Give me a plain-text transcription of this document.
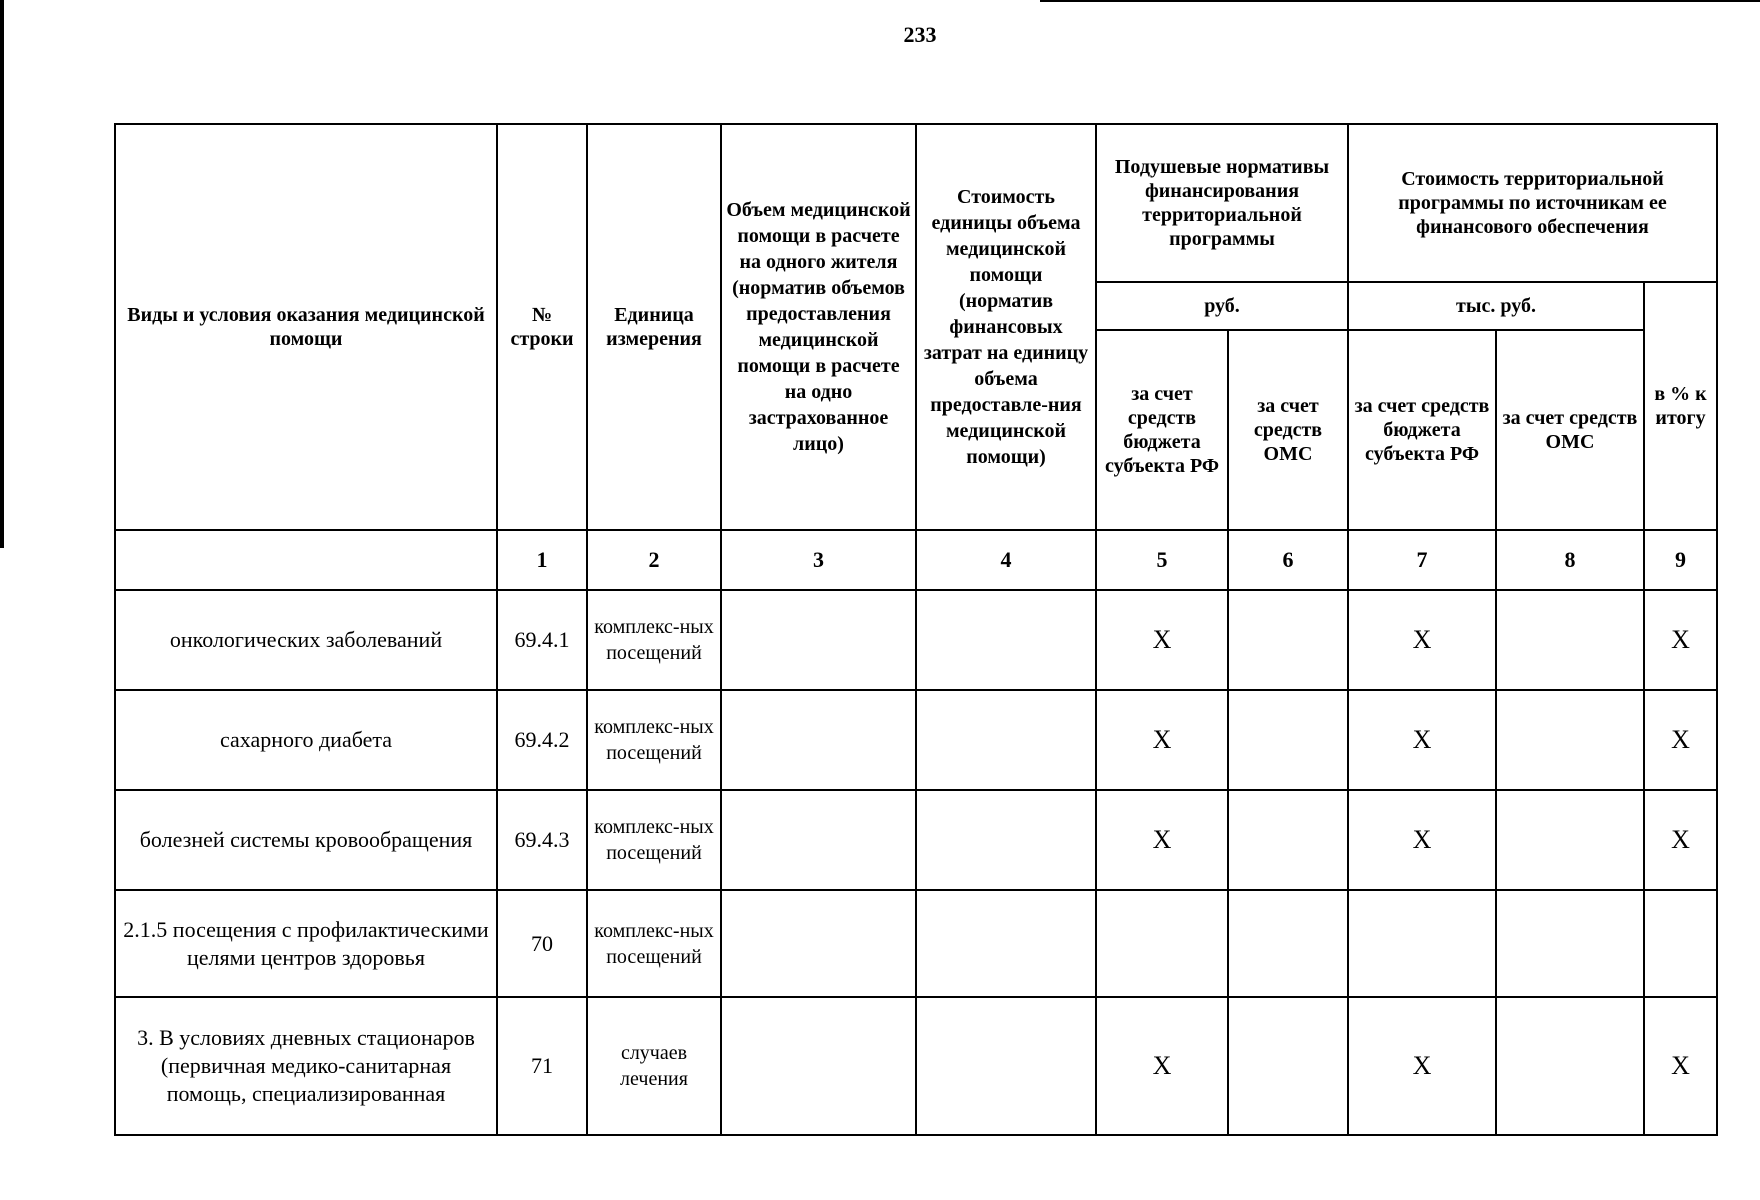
233
Виды и условия оказания медицинской помощи	№ строки	Единица измерения	Объем медицинской помощи в расчете на одного жителя (норматив объемов предоставления медицинской помощи в расчете на одно застрахованное лицо)	Стоимость единицы объема медицинской помощи (норматив финансовых затрат на единицу объема предоставле-ния медицинской помощи)	Подушевые нормативы финансирования территориальной программы		Стоимость территориальной программы по источникам ее финансового обеспечения		
					руб.		тыс. руб.		в % к итогу
					за счет средств бюджета субъекта РФ	за счет средств ОМС	за счет средств бюджета субъекта РФ	за счет средств ОМС	
	1	2	3	4	5	6	7	8	9
онкологических заболеваний	69.4.1	комплекс-ных посещений			X		X		X
сахарного диабета	69.4.2	комплекс-ных посещений			X		X		X
болезней системы кровообращения	69.4.3	комплекс-ных посещений			X		X		X
2.1.5 посещения с профилактическими целями центров здоровья	70	комплекс-ных посещений							
3. В условиях дневных стационаров (первичная медико-санитарная помощь, специализированная	71	случаев лечения			X		X		X
